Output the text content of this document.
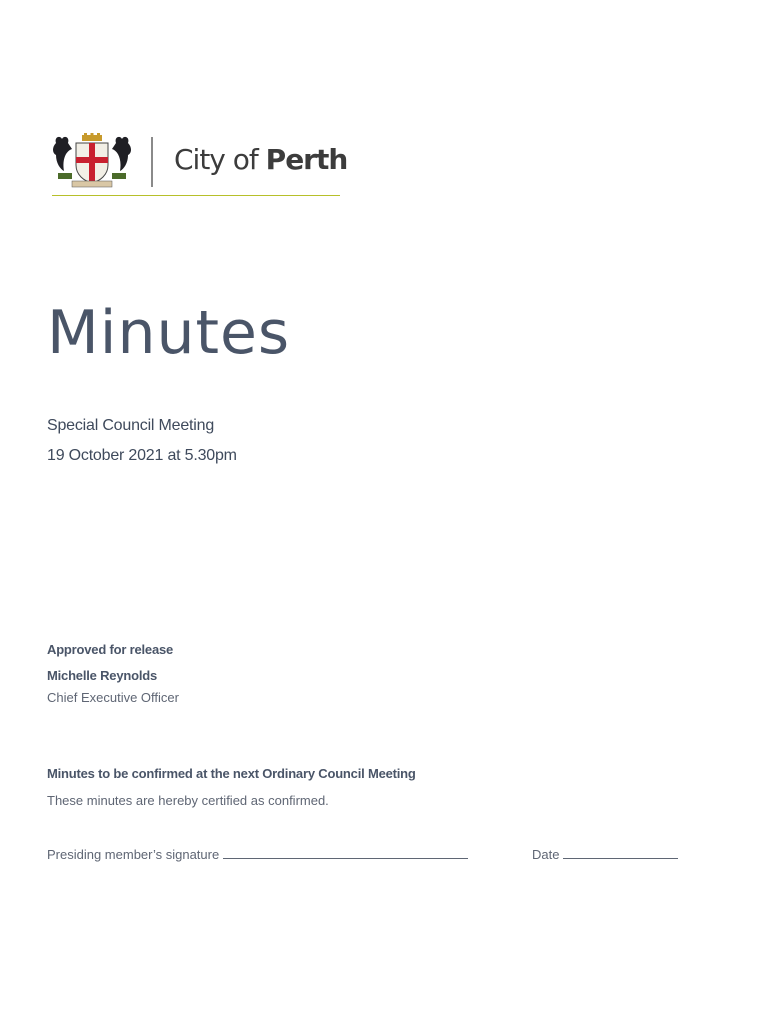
City of Perth
Minutes
Special Council Meeting
19 October 2021 at 5.30pm
Approved for release
Michelle Reynolds
Chief Executive Officer
Minutes to be confirmed at the next Ordinary Council Meeting
These minutes are hereby certified as confirmed.
Presiding member’s signature	Date
